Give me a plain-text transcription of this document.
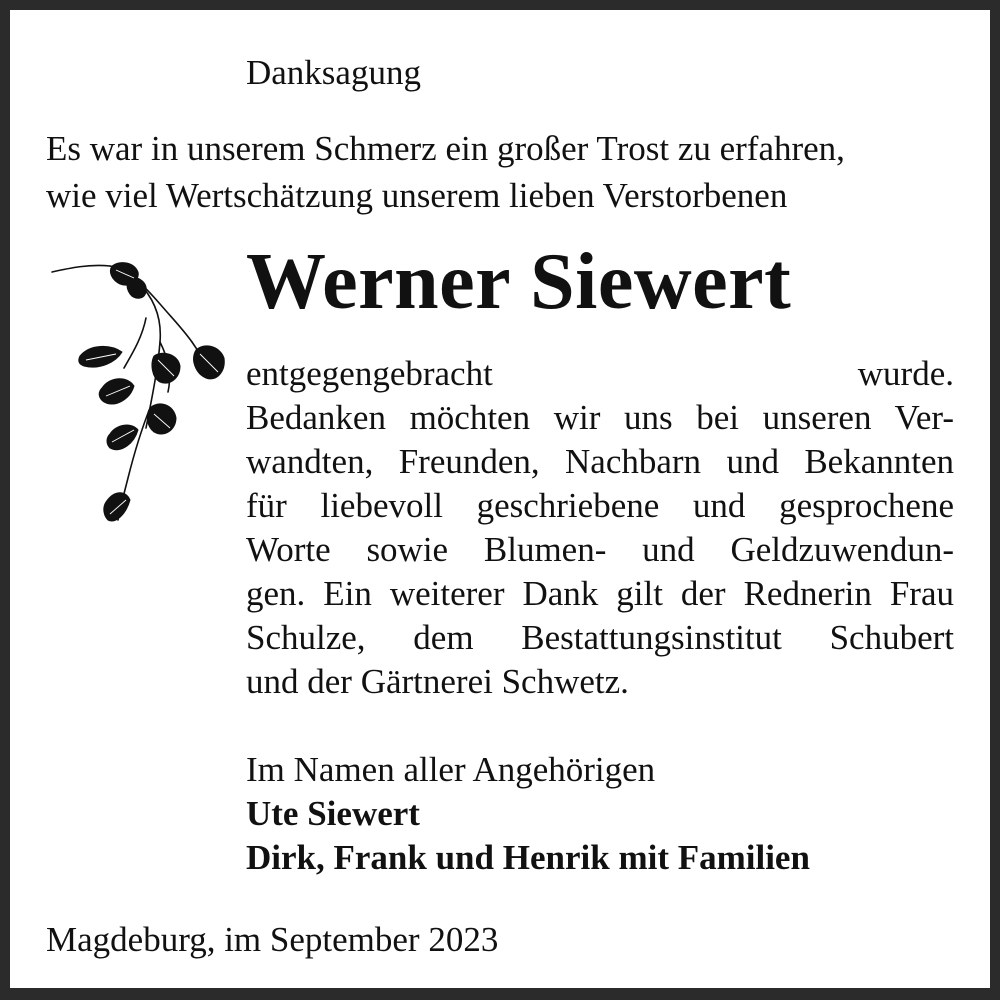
Danksagung
Es war in unserem Schmerz ein großer Trost zu erfahren,
wie viel Wertschätzung unserem lieben Verstorbenen
Werner Siewert
entgegengebracht wurde.
Bedanken möchten wir uns bei unseren Ver-
wandten, Freunden, Nachbarn und Bekannten
für liebevoll geschriebene und gesprochene
Worte sowie Blumen- und Geldzuwendun-
gen. Ein weiterer Dank gilt der Rednerin Frau
Schulze, dem Bestattungsinstitut Schubert
und der Gärtnerei Schwetz.
Im Namen aller Angehörigen
Ute Siewert
Dirk, Frank und Henrik mit Familien
Magdeburg, im September 2023
